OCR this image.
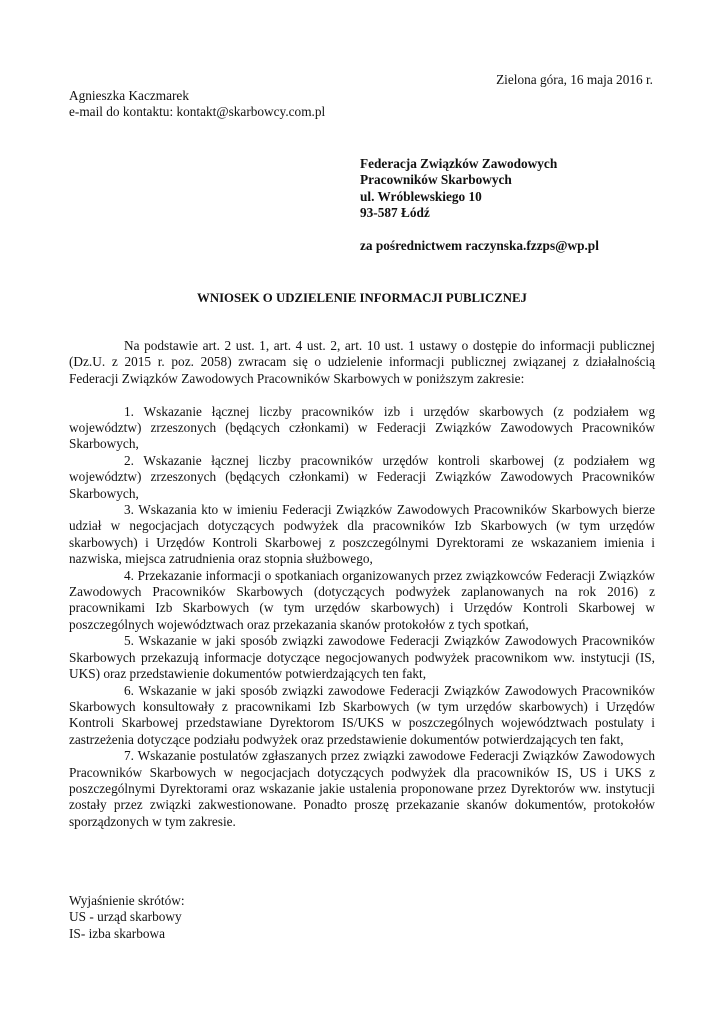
Zielona góra, 16 maja 2016 r.
Agnieszka Kaczmarek
e-mail do kontaktu: kontakt@skarbowcy.com.pl
Federacja Związków Zawodowych
Pracowników Skarbowych
ul. Wróblewskiego 10
93-587 Łódź
za pośrednictwem raczynska.fzzps@wp.pl
WNIOSEK O UDZIELENIE INFORMACJI PUBLICZNEJ

Na podstawie art. 2 ust. 1, art. 4 ust. 2, art. 10 ust. 1 ustawy o dostępie do informacji publicznej (Dz.U. z 2015 r. poz. 2058) zwracam się o udzielenie informacji publicznej związanej z działalnością Federacji Związków Zawodowych Pracowników Skarbowych w poniższym zakresie:

1. Wskazanie łącznej liczby pracowników izb i urzędów skarbowych (z podziałem wg województw) zrzeszonych (będących członkami) w Federacji Związków Zawodowych Pracowników Skarbowych,

2. Wskazanie łącznej liczby pracowników urzędów kontroli skarbowej (z podziałem wg województw) zrzeszonych (będących członkami) w Federacji Związków Zawodowych Pracowników Skarbowych,

3. Wskazania kto w imieniu Federacji Związków Zawodowych Pracowników Skarbowych bierze udział w negocjacjach dotyczących podwyżek dla pracowników Izb Skarbowych (w tym urzędów skarbowych) i Urzędów Kontroli Skarbowej z poszczególnymi Dyrektorami ze wskazaniem imienia i nazwiska, miejsca zatrudnienia oraz stopnia służbowego,

4. Przekazanie informacji o spotkaniach organizowanych przez związkowców Federacji Związków Zawodowych Pracowników Skarbowych (dotyczących podwyżek zaplanowanych na rok 2016) z pracownikami Izb Skarbowych (w tym urzędów skarbowych) i Urzędów Kontroli Skarbowej w poszczególnych województwach oraz przekazania skanów protokołów z tych spotkań,

5. Wskazanie w jaki sposób związki zawodowe Federacji Związków Zawodowych Pracowników Skarbowych przekazują informacje dotyczące negocjowanych podwyżek pracownikom ww. instytucji (IS, UKS) oraz przedstawienie dokumentów potwierdzających ten fakt,

6. Wskazanie w jaki sposób związki zawodowe Federacji Związków Zawodowych Pracowników Skarbowych konsultowały z pracownikami Izb Skarbowych (w tym urzędów skarbowych) i Urzędów Kontroli Skarbowej przedstawiane Dyrektorom IS/UKS w poszczególnych województwach postulaty i zastrzeżenia dotyczące podziału podwyżek oraz przedstawienie dokumentów potwierdzających ten fakt,

7. Wskazanie postulatów zgłaszanych przez związki zawodowe Federacji Związków Zawodowych Pracowników Skarbowych w negocjacjach dotyczących podwyżek dla pracowników IS, US i UKS z poszczególnymi Dyrektorami oraz wskazanie jakie ustalenia proponowane przez Dyrektorów ww. instytucji zostały przez związki zakwestionowane. Ponadto proszę przekazanie skanów dokumentów, protokołów sporządzonych w tym zakresie.

Wyjaśnienie skrótów:
US - urząd skarbowy
IS- izba skarbowa
